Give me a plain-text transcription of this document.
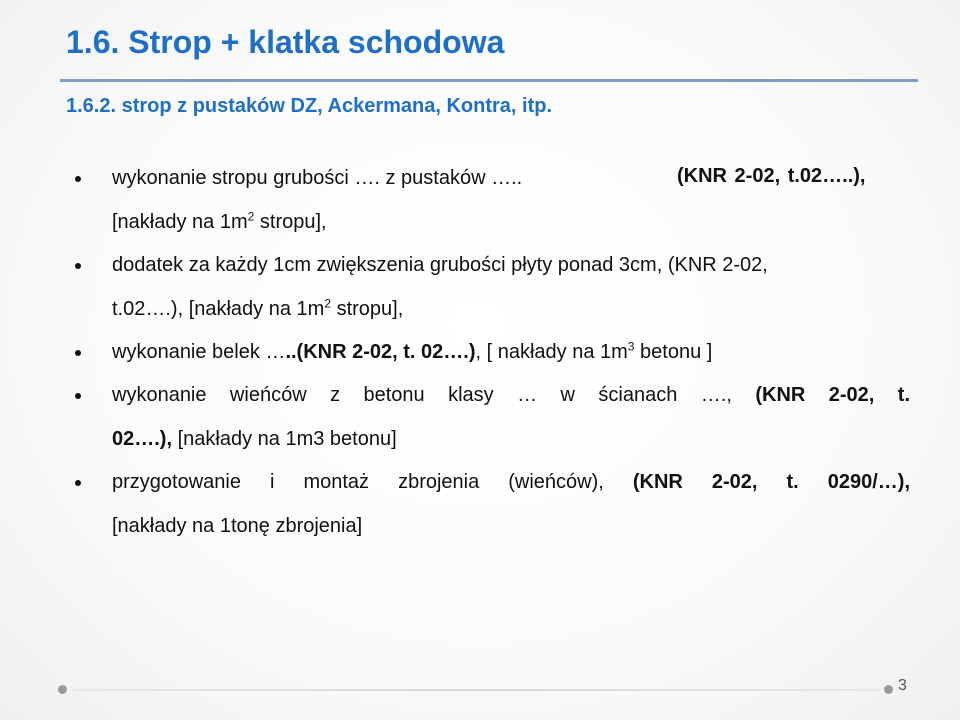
1.6. Strop + klatka schodowa
1.6.2. strop z pustaków DZ, Ackermana, Kontra, itp.
wykonanie stropu grubości …. z pustaków …..	(KNR 2-02, t.02…..),
[nakłady na $1m^2$ stropu],
dodatek za każdy 1cm zwiększenia grubości płyty ponad 3cm, (KNR 2-02,
t.02….), [nakłady na $1m^2$ stropu],
wykonanie belek …..(KNR 2-02, t. 02….), [ nakłady na $1m^3$ betonu ]
wykonanie wieńców z betonu klasy … w ścianach …., (KNR 2-02, t.
02….), [nakłady na 1m3 betonu]
przygotowanie i montaż zbrojenia (wieńców), (KNR 2-02, t. 0290/…),
[nakłady na 1tonę zbrojenia]
3
